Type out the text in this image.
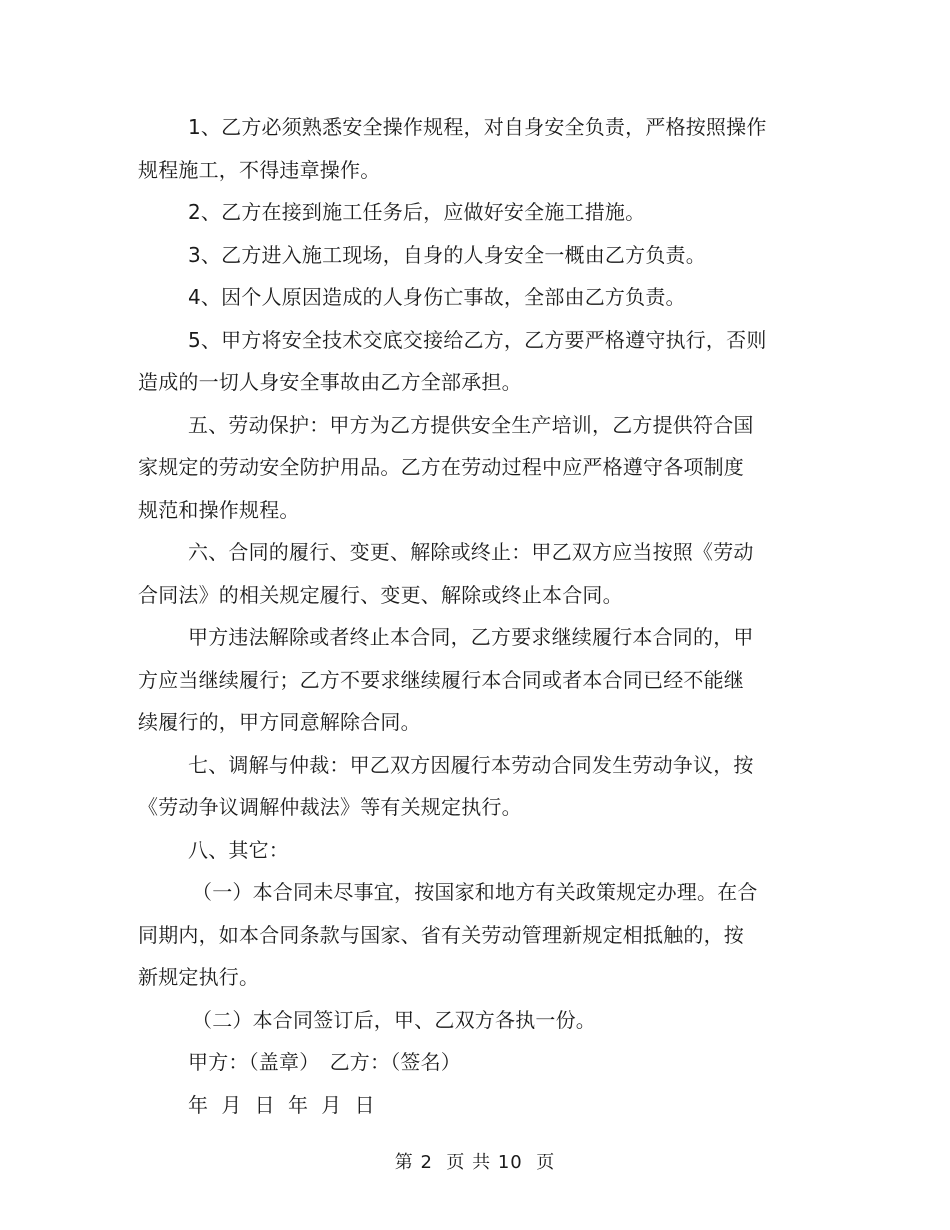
1、乙方必须熟悉安全操作规程，对自身安全负责，严格按照操作
规程施工，不得违章操作。

2、乙方在接到施工任务后，应做好安全施工措施。

3、乙方进入施工现场，自身的人身安全一概由乙方负责。

4、因个人原因造成的人身伤亡事故，全部由乙方负责。

5、甲方将安全技术交底交接给乙方，乙方要严格遵守执行，否则
造成的一切人身安全事故由乙方全部承担。

五、劳动保护：甲方为乙方提供安全生产培训，乙方提供符合国
家规定的劳动安全防护用品。乙方在劳动过程中应严格遵守各项制度
规范和操作规程。

六、合同的履行、变更、解除或终止：甲乙双方应当按照《劳动
合同法》的相关规定履行、变更、解除或终止本合同。

甲方违法解除或者终止本合同，乙方要求继续履行本合同的，甲
方应当继续履行；乙方不要求继续履行本合同或者本合同已经不能继
续履行的，甲方同意解除合同。

七、调解与仲裁：甲乙双方因履行本劳动合同发生劳动争议，按
《劳动争议调解仲裁法》等有关规定执行。

八、其它：

（一）本合同未尽事宜，按国家和地方有关政策规定办理。在合
同期内，如本合同条款与国家、省有关劳动管理新规定相抵触的，按
新规定执行。

（二）本合同签订后，甲、乙双方各执一份。

甲方：（盖章）　乙方：（签名）

年  月  日  年  月  日

第 2  页 共 10  页
